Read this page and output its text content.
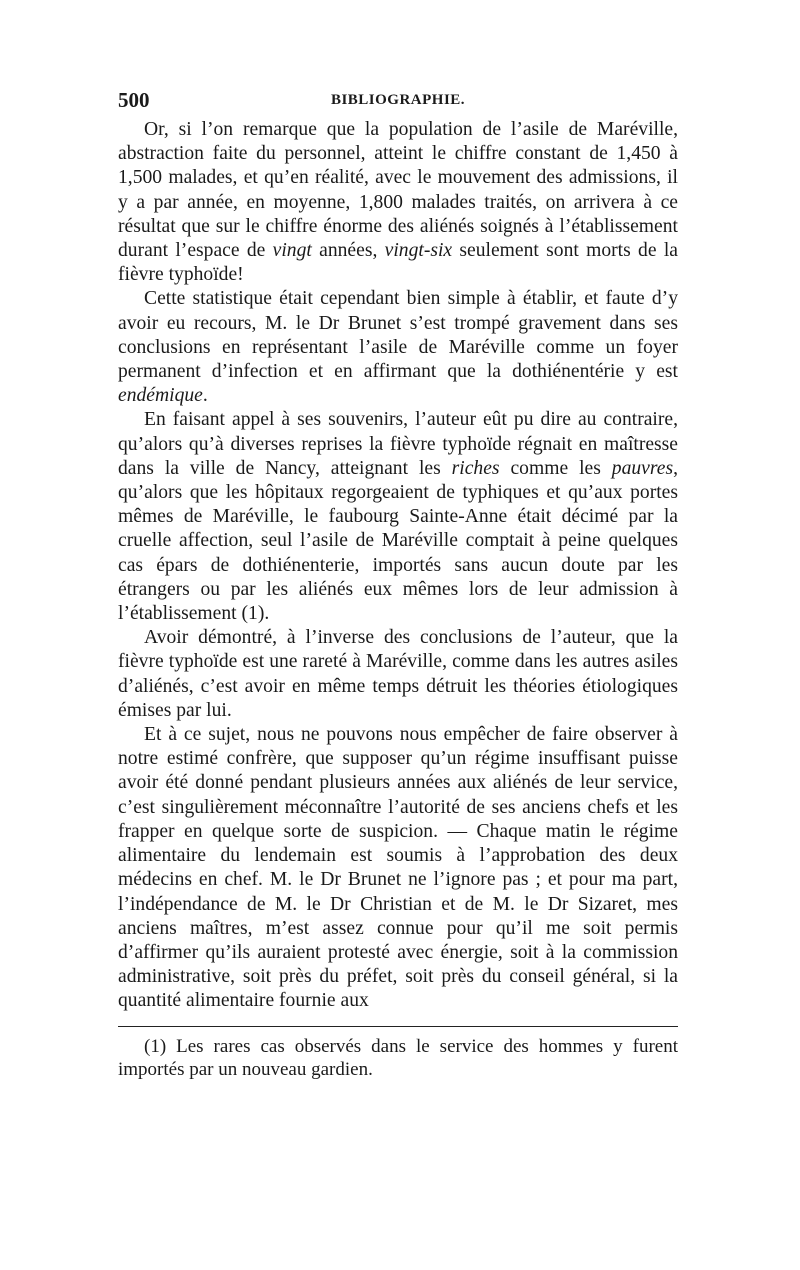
500	BIBLIOGRAPHIE.

Or, si l’on remarque que la population de l’asile de Maréville, abstraction faite du personnel, atteint le chiffre constant de 1,450 à 1,500 malades, et qu’en réalité, avec le mouvement des admissions, il y a par année, en moyenne, 1,800 malades traités, on arrivera à ce résultat que sur le chiffre énorme des aliénés soignés à l’établissement durant l’espace de vingt années, vingt-six seulement sont morts de la fièvre typhoïde!

Cette statistique était cependant bien simple à établir, et faute d’y avoir eu recours, M. le Dr Brunet s’est trompé gravement dans ses conclusions en représentant l’asile de Maréville comme un foyer permanent d’infection et en affirmant que la dothiénentérie y est endémique.

En faisant appel à ses souvenirs, l’auteur eût pu dire au contraire, qu’alors qu’à diverses reprises la fièvre typhoïde régnait en maîtresse dans la ville de Nancy, atteignant les riches comme les pauvres, qu’alors que les hôpitaux regorgeaient de typhiques et qu’aux portes mêmes de Maréville, le faubourg Sainte-Anne était décimé par la cruelle affection, seul l’asile de Maréville comptait à peine quelques cas épars de dothiénenterie, importés sans aucun doute par les étrangers ou par les aliénés eux mêmes lors de leur admission à l’établissement (1).

Avoir démontré, à l’inverse des conclusions de l’auteur, que la fièvre typhoïde est une rareté à Maréville, comme dans les autres asiles d’aliénés, c’est avoir en même temps détruit les théories étiologiques émises par lui.

Et à ce sujet, nous ne pouvons nous empêcher de faire observer à notre estimé confrère, que supposer qu’un régime insuffisant puisse avoir été donné pendant plusieurs années aux aliénés de leur service, c’est singulièrement méconnaître l’autorité de ses anciens chefs et les frapper en quelque sorte de suspicion. — Chaque matin le régime alimentaire du lendemain est soumis à l’approbation des deux médecins en chef. M. le Dr Brunet ne l’ignore pas ; et pour ma part, l’indépendance de M. le Dr Christian et de M. le Dr Sizaret, mes anciens maîtres, m’est assez connue pour qu’il me soit permis d’affirmer qu’ils auraient protesté avec énergie, soit à la commission administrative, soit près du préfet, soit près du conseil général, si la quantité alimentaire fournie aux

(1) Les rares cas observés dans le service des hommes y furent importés par un nouveau gardien.
